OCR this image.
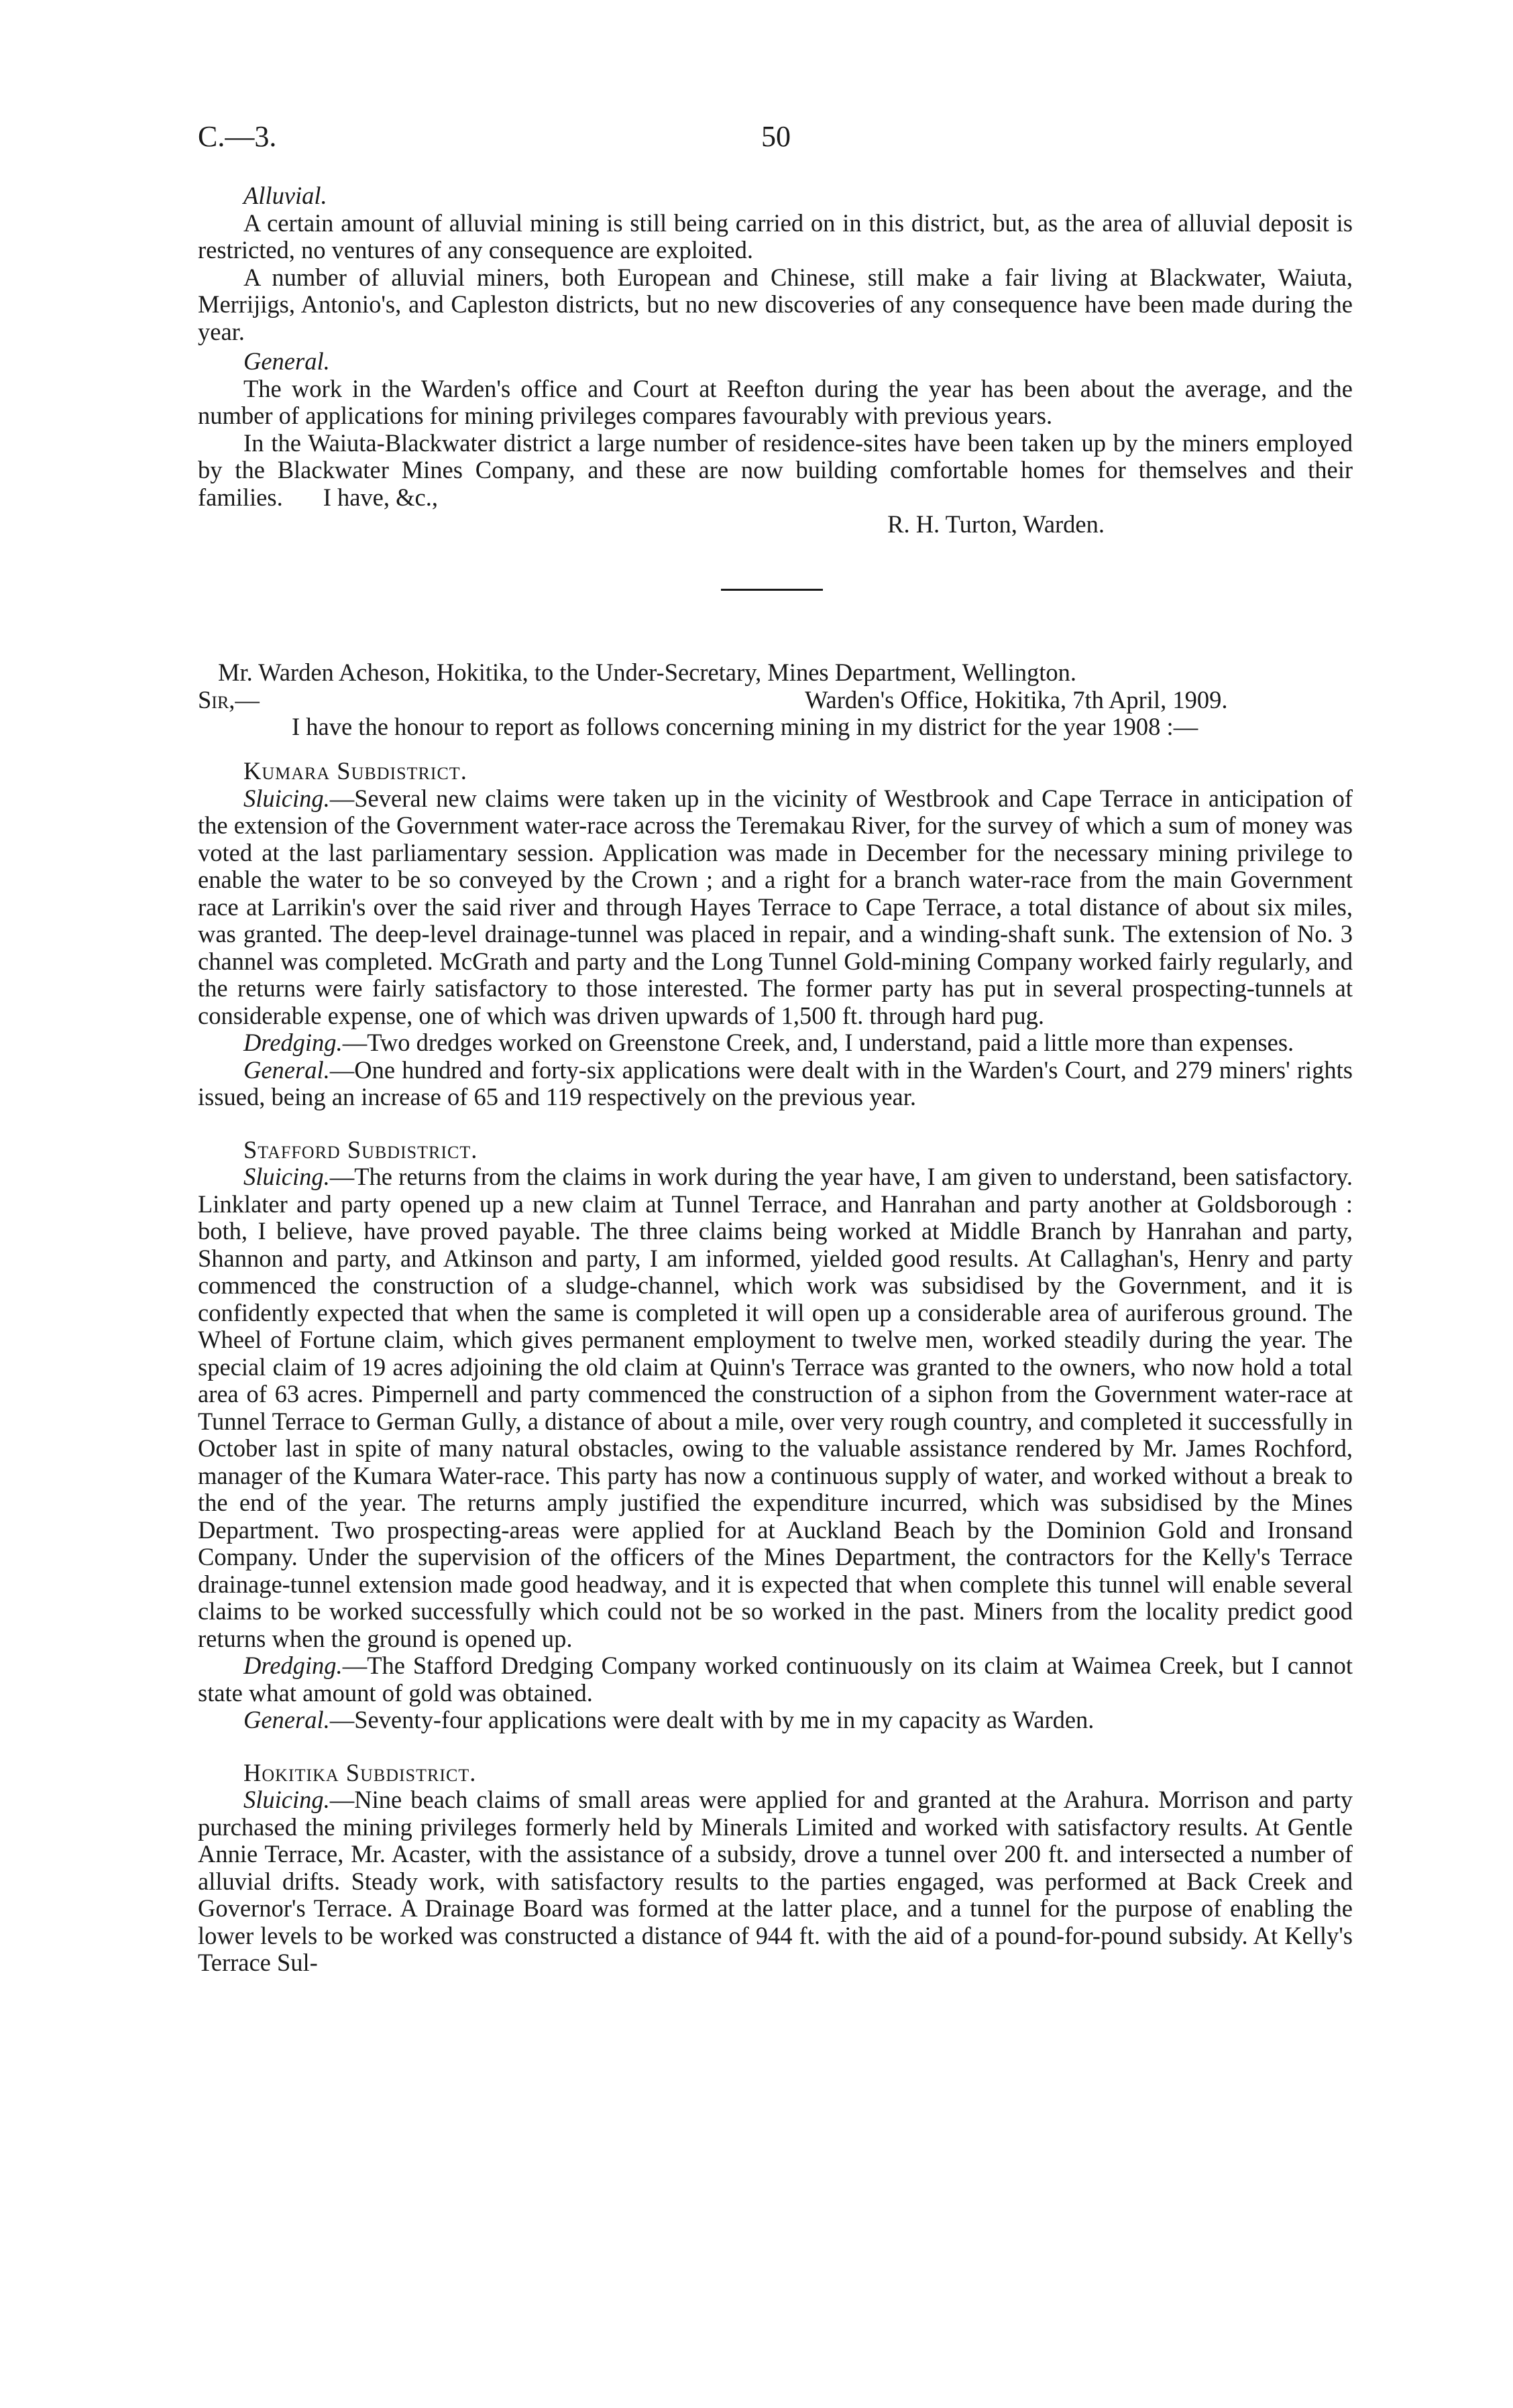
C.—3.	50

Alluvial.

A certain amount of alluvial mining is still being carried on in this district, but, as the area of alluvial deposit is restricted, no ventures of any consequence are exploited.

A number of alluvial miners, both European and Chinese, still make a fair living at Blackwater, Waiuta, Merrijigs, Antonio's, and Capleston districts, but no new discoveries of any consequence have been made during the year.

General.

The work in the Warden's office and Court at Reefton during the year has been about the average, and the number of applications for mining privileges compares favourably with previous years.

In the Waiuta-Blackwater district a large number of residence-sites have been taken up by the miners employed by the Blackwater Mines Company, and these are now building comfortable homes for themselves and their families. I have, &c.,

R. H. Turton, Warden.

Mr. Warden Acheson, Hokitika, to the Under-Secretary, Mines Department, Wellington.

Sir,—	Warden's Office, Hokitika, 7th April, 1909.

I have the honour to report as follows concerning mining in my district for the year 1908 :—

Kumara Subdistrict.

Sluicing.—Several new claims were taken up in the vicinity of Westbrook and Cape Terrace in anticipation of the extension of the Government water-race across the Teremakau River, for the survey of which a sum of money was voted at the last parliamentary session. Application was made in December for the necessary mining privilege to enable the water to be so conveyed by the Crown ; and a right for a branch water-race from the main Government race at Larrikin's over the said river and through Hayes Terrace to Cape Terrace, a total distance of about six miles, was granted. The deep-level drainage-tunnel was placed in repair, and a winding-shaft sunk. The extension of No. 3 channel was completed. McGrath and party and the Long Tunnel Gold-mining Company worked fairly regularly, and the returns were fairly satisfactory to those interested. The former party has put in several prospecting-tunnels at considerable expense, one of which was driven upwards of 1,500 ft. through hard pug.

Dredging.—Two dredges worked on Greenstone Creek, and, I understand, paid a little more than expenses.

General.—One hundred and forty-six applications were dealt with in the Warden's Court, and 279 miners' rights issued, being an increase of 65 and 119 respectively on the previous year.

Stafford Subdistrict.

Sluicing.—The returns from the claims in work during the year have, I am given to understand, been satisfactory. Linklater and party opened up a new claim at Tunnel Terrace, and Hanrahan and party another at Goldsborough : both, I believe, have proved payable. The three claims being worked at Middle Branch by Hanrahan and party, Shannon and party, and Atkinson and party, I am informed, yielded good results. At Callaghan's, Henry and party commenced the construction of a sludge-channel, which work was subsidised by the Government, and it is confidently expected that when the same is completed it will open up a considerable area of auriferous ground. The Wheel of Fortune claim, which gives permanent employment to twelve men, worked steadily during the year. The special claim of 19 acres adjoining the old claim at Quinn's Terrace was granted to the owners, who now hold a total area of 63 acres. Pimpernell and party commenced the construction of a siphon from the Government water-race at Tunnel Terrace to German Gully, a distance of about a mile, over very rough country, and completed it successfully in October last in spite of many natural obstacles, owing to the valuable assistance rendered by Mr. James Rochford, manager of the Kumara Water-race. This party has now a continuous supply of water, and worked without a break to the end of the year. The returns amply justified the expenditure incurred, which was subsidised by the Mines Department. Two prospecting-areas were applied for at Auckland Beach by the Dominion Gold and Ironsand Company. Under the supervision of the officers of the Mines Department, the contractors for the Kelly's Terrace drainage-tunnel extension made good headway, and it is expected that when complete this tunnel will enable several claims to be worked successfully which could not be so worked in the past. Miners from the locality predict good returns when the ground is opened up.

Dredging.—The Stafford Dredging Company worked continuously on its claim at Waimea Creek, but I cannot state what amount of gold was obtained.

General.—Seventy-four applications were dealt with by me in my capacity as Warden.

Hokitika Subdistrict.

Sluicing.—Nine beach claims of small areas were applied for and granted at the Arahura. Morrison and party purchased the mining privileges formerly held by Minerals Limited and worked with satisfactory results. At Gentle Annie Terrace, Mr. Acaster, with the assistance of a subsidy, drove a tunnel over 200 ft. and intersected a number of alluvial drifts. Steady work, with satisfactory results to the parties engaged, was performed at Back Creek and Governor's Terrace. A Drainage Board was formed at the latter place, and a tunnel for the purpose of enabling the lower levels to be worked was constructed a distance of 944 ft. with the aid of a pound-for-pound subsidy. At Kelly's Terrace Sul-
